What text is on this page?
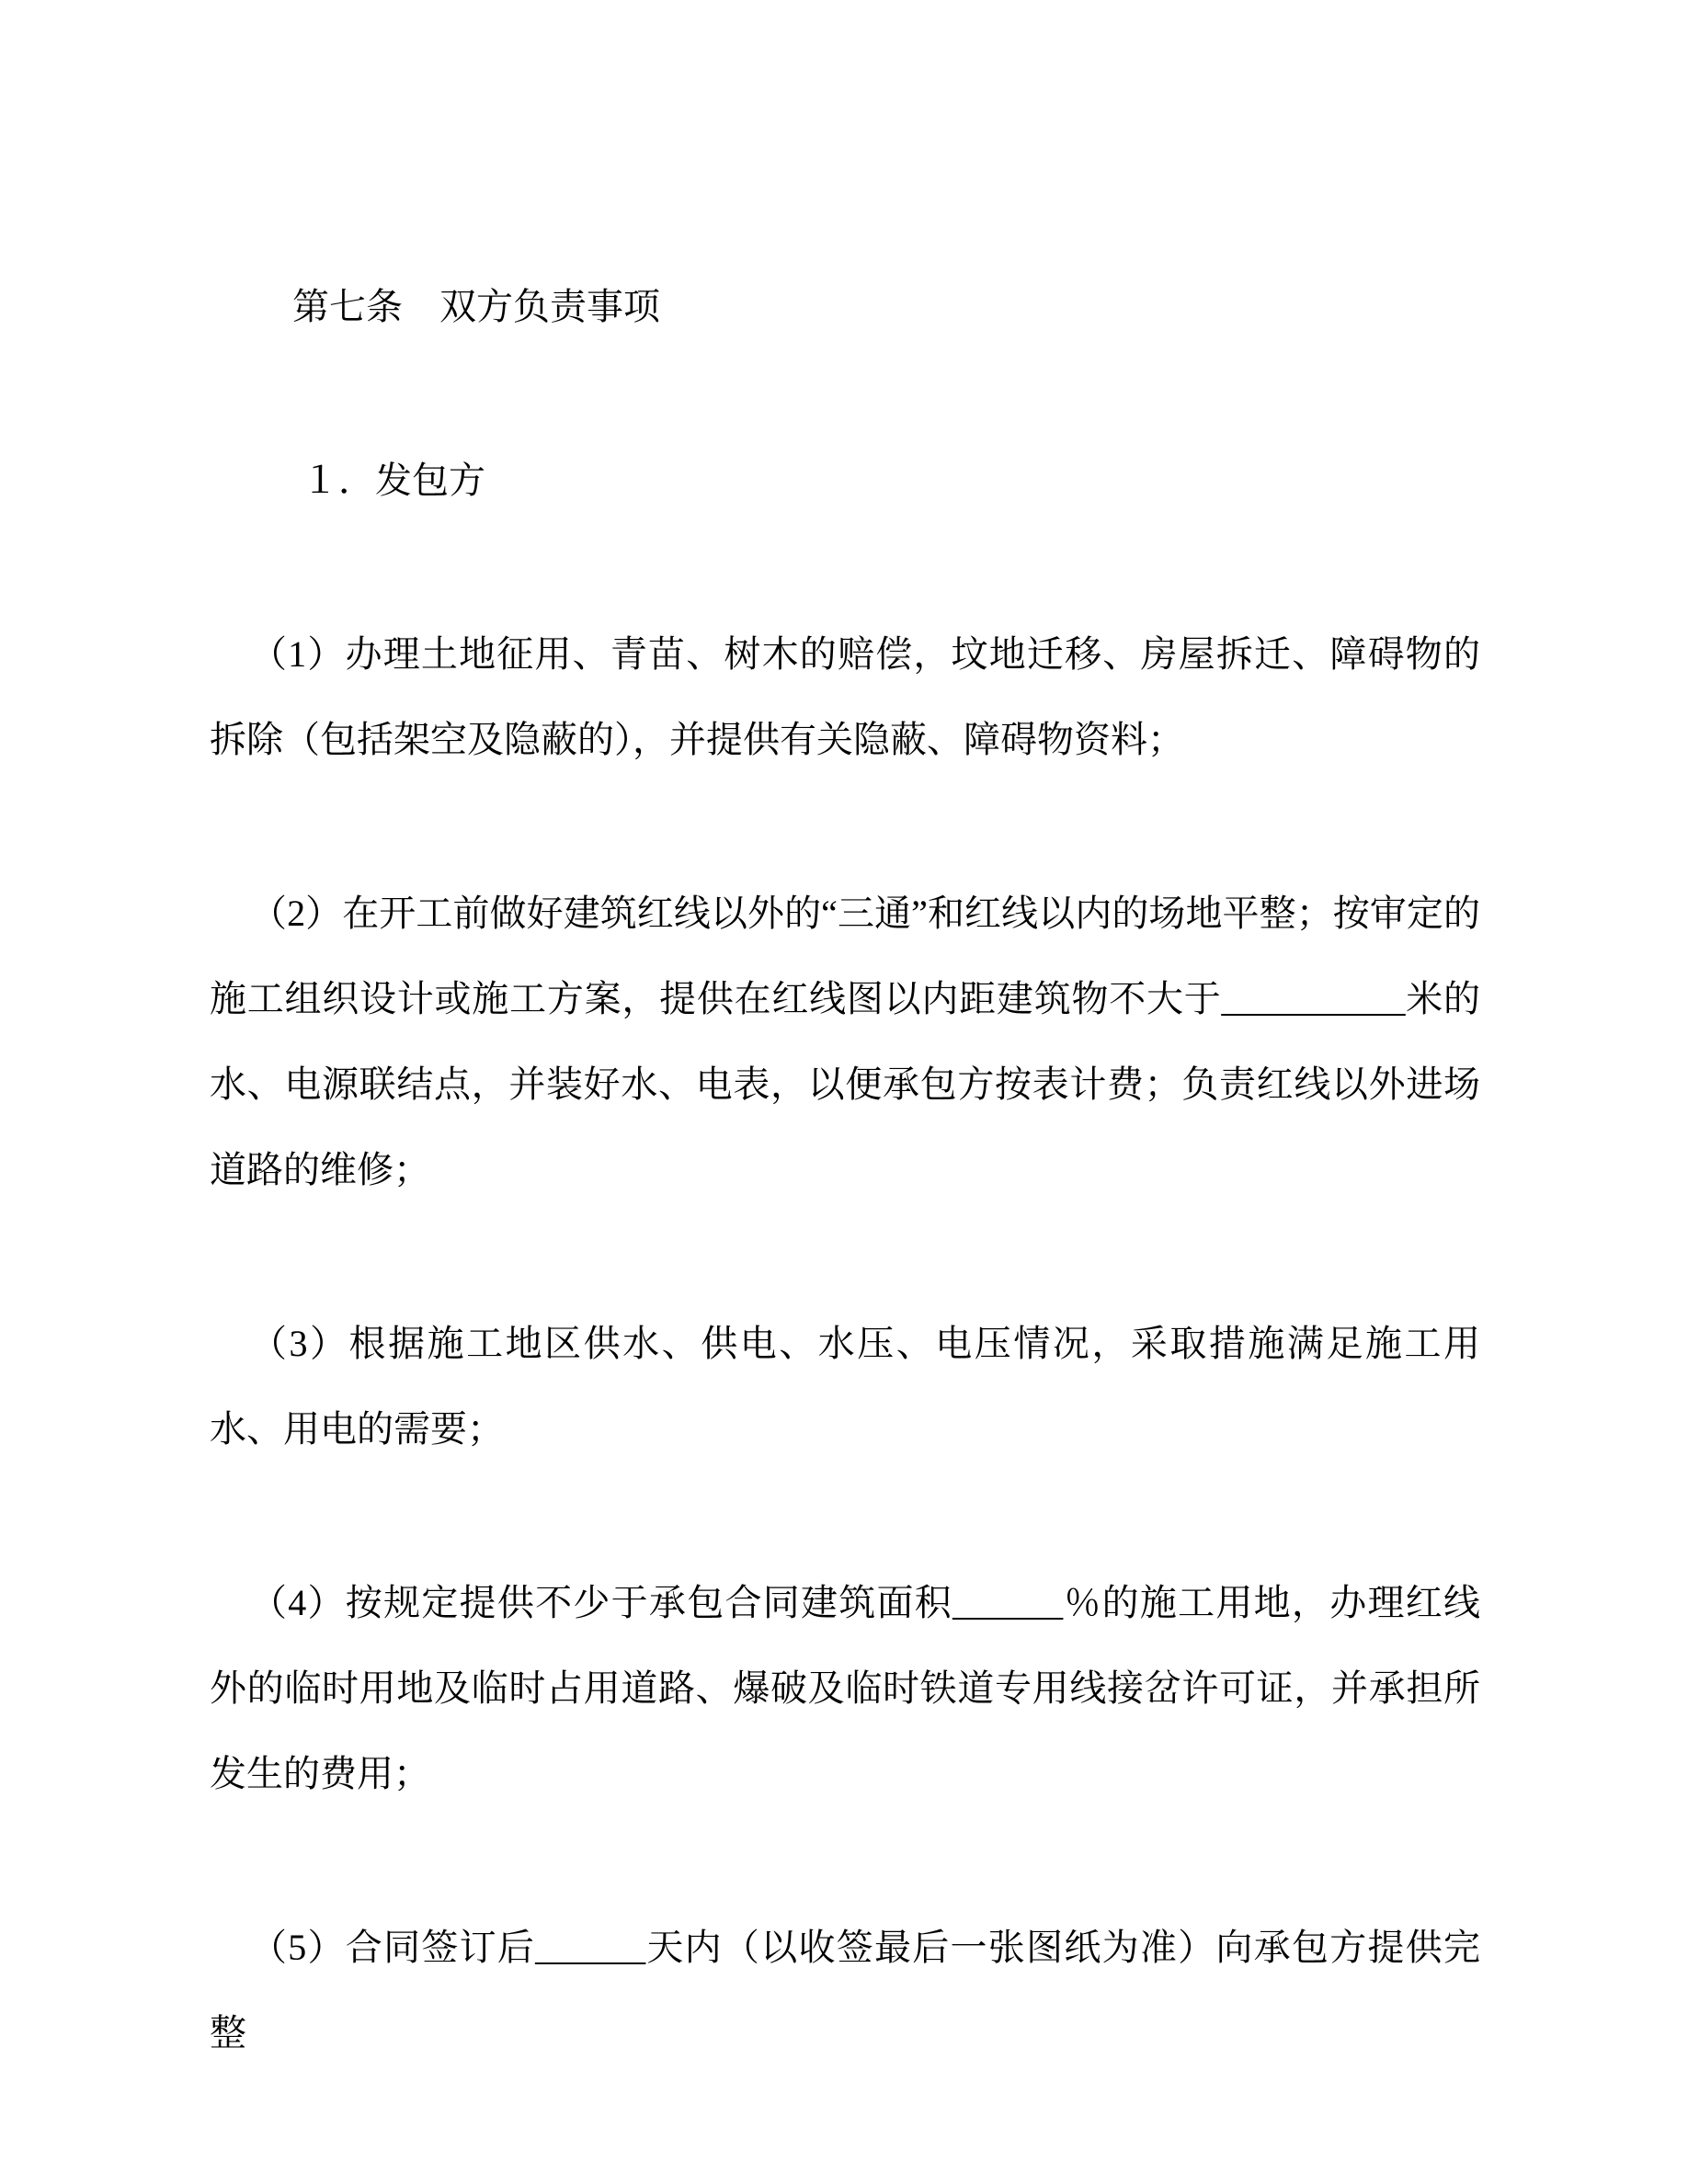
第七条　双方负责事项
１．发包方

（1）办理土地征用、青苗、树木的赔偿，坟地迁移、房屋拆迁、障碍物的拆除（包括架空及隐蔽的），并提供有关隐蔽、障碍物资料；

（2）在开工前做好建筑红线以外的“三通”和红线以内的场地平整；按审定的施工组织设计或施工方案，提供在红线图以内距建筑物不大于__________米的水、电源联结点，并装好水、电表，以便承包方按表计费；负责红线以外进场道路的维修；

（3）根据施工地区供水、供电、水压、电压情况，采取措施满足施工用水、用电的需要；

（4）按规定提供不少于承包合同建筑面积______％的施工用地，办理红线外的临时用地及临时占用道路、爆破及临时铁道专用线接岔许可证，并承担所发生的费用；

（5）合同签订后______天内（以收签最后一张图纸为准）向承包方提供完整
